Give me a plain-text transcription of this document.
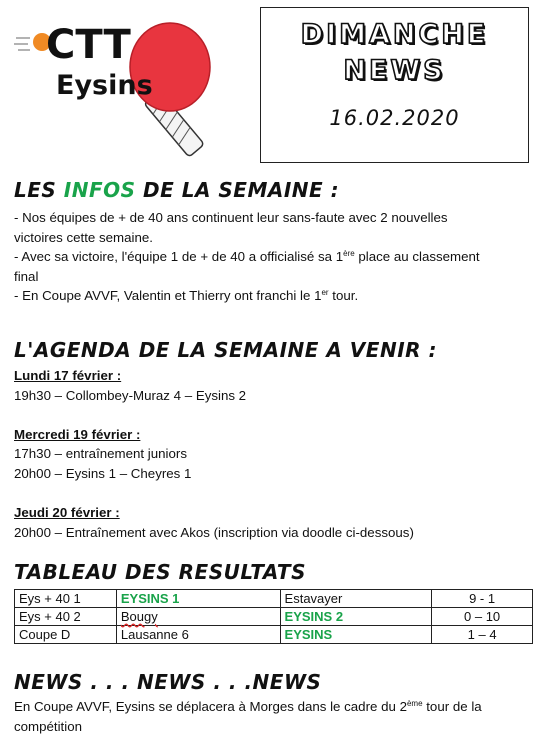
CTT
Eysins
DIMANCHE
NEWS
16.02.2020
LES INFOS DE LA SEMAINE :
- Nos équipes de + de 40 ans continuent leur sans-faute avec 2 nouvelles
victoires cette semaine.
- Avec sa victoire, l'équipe 1 de + de 40 a officialisé sa 1ère place au classement
final
- En Coupe AVVF, Valentin et Thierry ont franchi le 1er tour.
L'AGENDA DE LA SEMAINE A VENIR :
Lundi 17 février :
19h30 – Collombey-Muraz 4 – Eysins 2
Mercredi 19 février :
17h30 – entraînement juniors
20h00 – Eysins 1 – Cheyres 1
Jeudi 20 février :
20h00 – Entraînement avec Akos (inscription via doodle ci-dessous)
TABLEAU DES RESULTATS
Eys + 40 1	EYSINS 1	Estavayer	9 - 1
Eys + 40 2	Bougy	EYSINS 2	0 – 10
Coupe D	Lausanne 6	EYSINS	1 – 4
NEWS . . . NEWS . . .NEWS
En Coupe AVVF, Eysins se déplacera à Morges dans le cadre du 2ème tour de la
compétition
